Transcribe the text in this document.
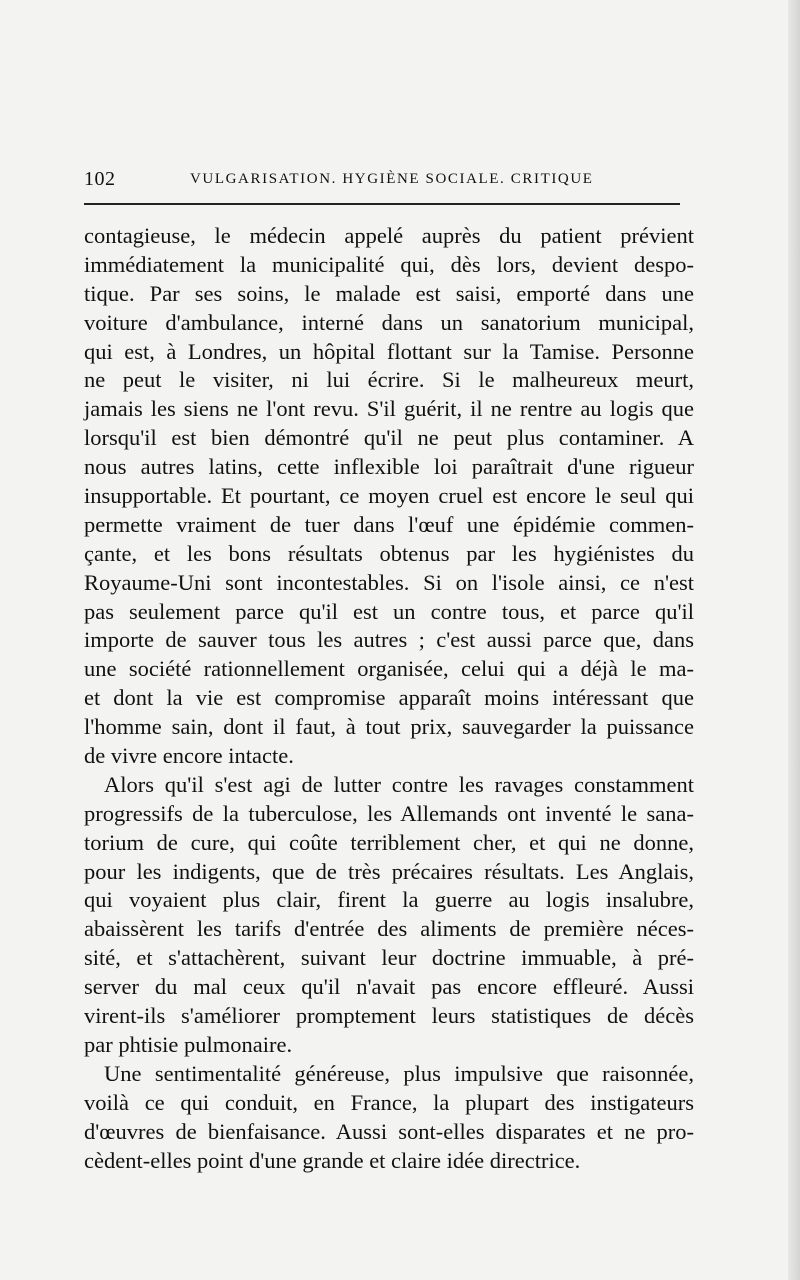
102	VULGARISATION. HYGIÈNE SOCIALE. CRITIQUE
contagieuse, le médecin appelé auprès du patient prévient
immédiatement la municipalité qui, dès lors, devient despo-
tique. Par ses soins, le malade est saisi, emporté dans une
voiture d'ambulance, interné dans un sanatorium municipal,
qui est, à Londres, un hôpital flottant sur la Tamise. Personne
ne peut le visiter, ni lui écrire. Si le malheureux meurt,
jamais les siens ne l'ont revu. S'il guérit, il ne rentre au logis que
lorsqu'il est bien démontré qu'il ne peut plus contaminer. A
nous autres latins, cette inflexible loi paraîtrait d'une rigueur
insupportable. Et pourtant, ce moyen cruel est encore le seul qui
permette vraiment de tuer dans l'œuf une épidémie commen-
çante, et les bons résultats obtenus par les hygiénistes du
Royaume-Uni sont incontestables. Si on l'isole ainsi, ce n'est
pas seulement parce qu'il est un contre tous, et parce qu'il
importe de sauver tous les autres ; c'est aussi parce que, dans
une société rationnellement organisée, celui qui a déjà le ma-
et dont la vie est compromise apparaît moins intéressant que
l'homme sain, dont il faut, à tout prix, sauvegarder la puissance
de vivre encore intacte.
Alors qu'il s'est agi de lutter contre les ravages constamment
progressifs de la tuberculose, les Allemands ont inventé le sana-
torium de cure, qui coûte terriblement cher, et qui ne donne,
pour les indigents, que de très précaires résultats. Les Anglais,
qui voyaient plus clair, firent la guerre au logis insalubre,
abaissèrent les tarifs d'entrée des aliments de première néces-
sité, et s'attachèrent, suivant leur doctrine immuable, à pré-
server du mal ceux qu'il n'avait pas encore effleuré. Aussi
virent-ils s'améliorer promptement leurs statistiques de décès
par phtisie pulmonaire.
Une sentimentalité généreuse, plus impulsive que raisonnée,
voilà ce qui conduit, en France, la plupart des instigateurs
d'œuvres de bienfaisance. Aussi sont-elles disparates et ne pro-
cèdent-elles point d'une grande et claire idée directrice.
